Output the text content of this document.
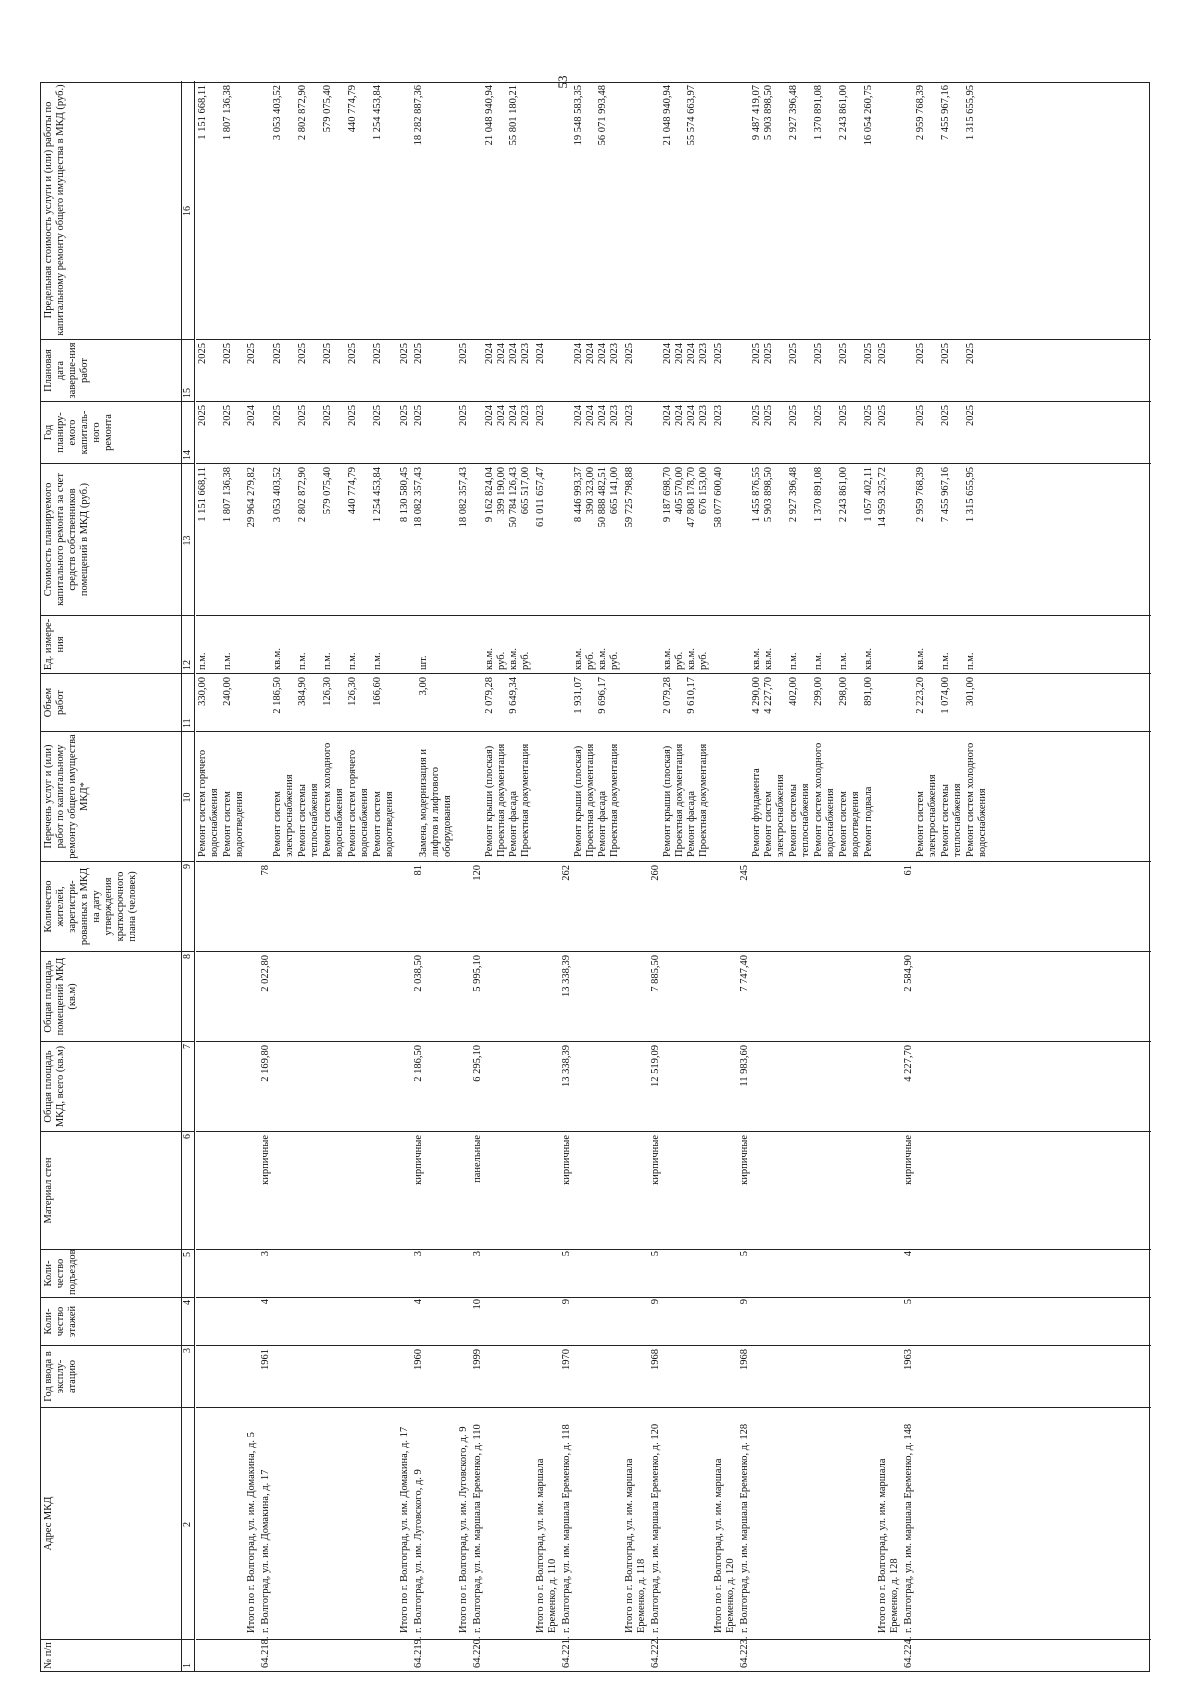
53
№ п/п
Адрес МКД
Год ввода в эксплу-атацию
Коли-чество этажей
Коли-чество подъездов
Материал стен
Общая площадь МКД, всего (кв.м)
Общая площадь помещений МКД (кв.м)
Количество жителей, зарегистри-рованных в МКД на дату утверждения краткосрочного плана (человек)
Перечень услуг и (или) работ по капитальному ремонту общего имущества МКД*
Объем работ
Ед. измере-ния
Стоимость планируемого капитального ремонта за счет средств собственников помещений в МКД (руб.)
Год планиру-емого капиталь-ного ремонта
Плановая дата заверше-ния работ
Предельная стоимость услуги и (или) работы по капитальному ремонту общего имущества в МКД (руб.)
1
2
3
4
5
6
7
8
9
10
11
12
13
14
15
16
Ремонт систем горячего водоснабжения
330,00
п.м.
1 151 668,11
2025
2025
1 151 668,11
Ремонт систем водоотведения
240,00
п.м.
1 807 136,38
2025
2025
1 807 136,38
Итого по г. Волгоград, ул. им. Домакина, д. 5
29 964 279,82
2024
2025
64.218.
г. Волгоград, ул. им. Домакина, д. 17
1961
4
3
кирпичные
2 169,80
2 022,80
78
Ремонт систем электроснабжения
2 186,50
кв.м.
3 053 403,52
2025
2025
3 053 403,52
Ремонт системы теплоснабжения
384,90
п.м.
2 802 872,90
2025
2025
2 802 872,90
Ремонт систем холодного водоснабжения
126,30
п.м.
579 075,40
2025
2025
579 075,40
Ремонт систем горячего водоснабжения
126,30
п.м.
440 774,79
2025
2025
440 774,79
Ремонт систем водоотведения
166,60
п.м.
1 254 453,84
2025
2025
1 254 453,84
Итого по г. Волгоград, ул. им. Домакина, д. 17
8 130 580,45
2025
2025
64.219.
г. Волгоград, ул. им. Луговского, д. 9
1960
4
3
кирпичные
2 186,50
2 038,50
81
18 082 357,43
2025
2025
18 282 887,36
Замена, модернизация и лифтов и лифтового оборудования
3,00
шт.
Итого по г. Волгоград, ул. им. Луговского, д. 9
18 082 357,43
2025
2025
64.220.
г. Волгоград, ул. им. маршала Еременко, д. 110
1999
10
3
панельные
6 295,10
5 995,10
120
Ремонт крыши (плоская)
2 079,28
кв.м.
9 162 824,04
2024
2024
21 048 940,94
Проектная документация
руб.
399 190,00
2024
2024
Ремонт фасада
9 649,34
кв.м.
50 784 126,43
2024
2024
55 801 180,21
Проектная документация
руб.
665 517,00
2023
2023
Итого по г. Волгоград, ул. им. маршала Еременко, д. 110
61 011 657,47
2023
2024
64.221.
г. Волгоград, ул. им. маршала Еременко, д. 118
1970
9
5
кирпичные
13 338,39
13 338,39
262
Ремонт крыши (плоская)
1 931,07
кв.м.
8 446 993,37
2024
2024
19 548 583,35
Проектная документация
руб.
390 323,00
2024
2024
Ремонт фасада
9 696,17
кв.м.
50 888 482,51
2024
2024
56 071 993,48
Проектная документация
руб.
665 141,00
2023
2023
Итого по г. Волгоград, ул. им. маршала Еременко, д. 118
59 725 798,88
2023
2025
64.222.
г. Волгоград, ул. им. маршала Еременко, д. 120
1968
9
5
кирпичные
12 519,09
7 885,50
260
Ремонт крыши (плоская)
2 079,28
кв.м.
9 187 698,70
2024
2024
21 048 940,94
Проектная документация
руб.
405 570,00
2024
2024
Ремонт фасада
9 610,17
кв.м.
47 808 178,70
2024
2024
55 574 663,97
Проектная документация
руб.
676 153,00
2023
2023
Итого по г. Волгоград, ул. им. маршала Еременко, д. 120
58 077 600,40
2023
2025
64.223.
г. Волгоград, ул. им. маршала Еременко, д. 128
1968
9
5
кирпичные
11 983,60
7 747,40
245
Ремонт фундамента
4 290,00
кв.м.
1 455 876,55
2025
2025
9 487 419,07
Ремонт систем электроснабжения
4 227,70
кв.м.
5 903 898,50
2025
2025
5 903 898,50
Ремонт системы теплоснабжения
402,00
п.м.
2 927 396,48
2025
2025
2 927 396,48
Ремонт систем холодного водоснабжения
299,00
п.м.
1 370 891,08
2025
2025
1 370 891,08
Ремонт систем водоотведения
298,00
п.м.
2 243 861,00
2025
2025
2 243 861,00
Ремонт подвала
891,00
кв.м.
1 057 402,11
2025
2025
16 054 260,75
Итого по г. Волгоград, ул. им. маршала Еременко, д. 128
14 959 325,72
2025
2025
64.224.
г. Волгоград, ул. им. маршала Еременко, д. 148
1963
5
4
кирпичные
4 227,70
2 584,90
61
Ремонт систем электроснабжения
2 223,20
кв.м.
2 959 768,39
2025
2025
2 959 768,39
Ремонт системы теплоснабжения
1 074,00
п.м.
7 455 967,16
2025
2025
7 455 967,16
Ремонт систем холодного водоснабжения
301,00
п.м.
1 315 655,95
2025
2025
1 315 655,95
